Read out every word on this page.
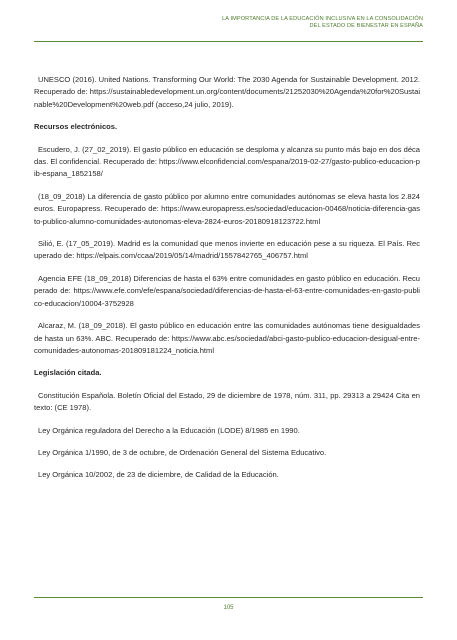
LA IMPORTANCIA DE LA EDUCACIÓN INCLUSIVA EN LA CONSOLIDACIÓN
DEL ESTADO DE BIENESTAR EN ESPAÑA

UNESCO (2016). United Nations. Transforming Our World: The 2030 Agenda for Sustainable Development. 2012. Recuperado de: https://sustainabledevelopment.un.org/content/documents/21252030%20Agenda%20for%20Sustainable%20Development%20web.pdf (acceso,24 julio, 2019).

Recursos electrónicos.

Escudero, J. (27_02_2019). El gasto público en educación se desploma y alcanza su punto más bajo en dos décadas. El confidencial. Recuperado de: https://www.elconfidencial.com/espana/2019-02-27/gasto-publico-educacion-pib-espana_1852158/

(18_09_2018) La diferencia de gasto público por alumno entre comunidades autónomas se eleva hasta los 2.824 euros. Europapress. Recuperado de: https://www.europapress.es/sociedad/educacion-00468/noticia-diferencia-gasto-publico-alumno-comunidades-autonomas-eleva-2824-euros-20180918123722.html

Silió, E. (17_05_2019). Madrid es la comunidad que menos invierte en educación pese a su riqueza. El País. Recuperado de: https://elpais.com/ccaa/2019/05/14/madrid/1557842765_406757.html

Agencia EFE (18_09_2018) Diferencias de hasta el 63% entre comunidades en gasto público en educación. Recuperado de: https://www.efe.com/efe/espana/sociedad/diferencias-de-hasta-el-63-entre-comunidades-en-gasto-publico-educacion/10004-3752928

Alcaraz, M. (18_09_2018). El gasto público en educación entre las comunidades autónomas tiene desigualdades de hasta un 63%. ABC. Recuperado de: https://www.abc.es/sociedad/abci-gasto-publico-educacion-desigual-entre-comunidades-autonomas-201809181224_noticia.html

Legislación citada.

Constitución Española. Boletín Oficial del Estado, 29 de diciembre de 1978, núm. 311, pp. 29313 a 29424 Cita en texto: (CE 1978).

Ley Orgánica reguladora del Derecho a la Educación (LODE) 8/1985 en 1990.

Ley Orgánica 1/1990, de 3 de octubre, de Ordenación General del Sistema Educativo.

Ley Orgánica 10/2002, de 23 de diciembre, de Calidad de la Educación.

105
